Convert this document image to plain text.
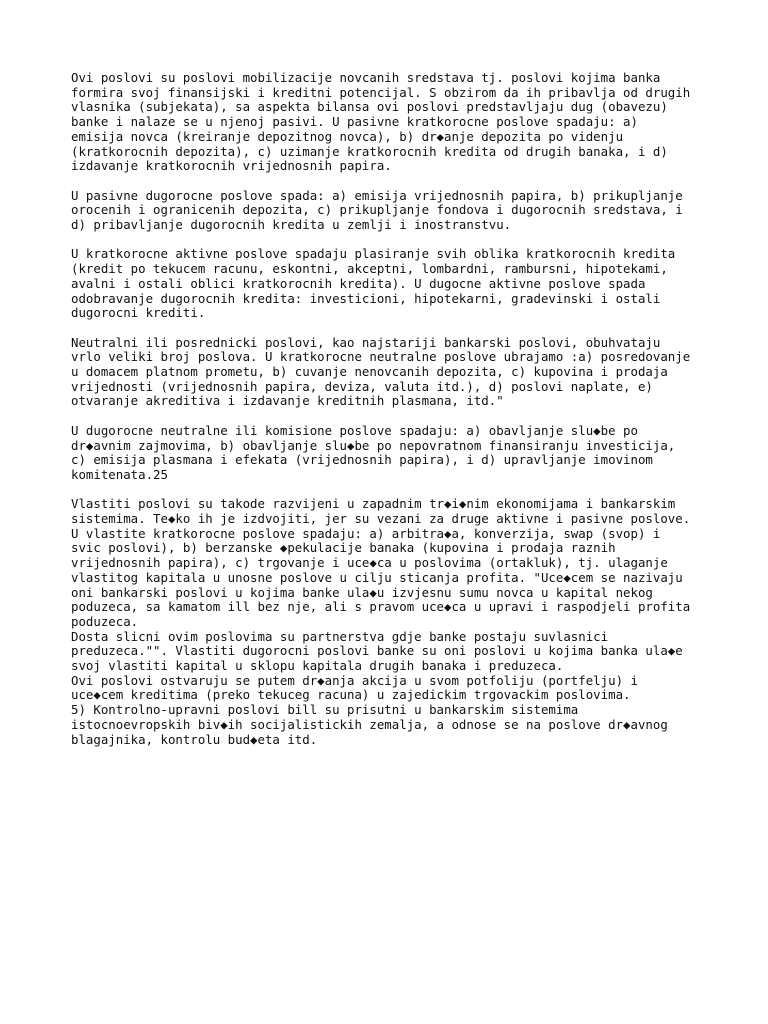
Ovi poslovi su poslovi mobilizacije novcanih sredstava tj. poslovi kojima banka
formira svoj finansijski i kreditni potencijal. S obzirom da ih pribavlja od drugih
vlasnika (subjekata), sa aspekta bilansa ovi poslovi predstavljaju dug (obavezu)
banke i nalaze se u njenoj pasivi. U pasivne kratkorocne poslove spadaju: a)
emisija novca (kreiranje depozitnog novca), b) dr◆anje depozita po videnju
(kratkorocnih depozita), c) uzimanje kratkorocnih kredita od drugih banaka, i d)
izdavanje kratkorocnih vrijednosnih papira.

U pasivne dugorocne poslove spada: a) emisija vrijednosnih papira, b) prikupljanje
orocenih i ogranicenih depozita, c) prikupljanje fondova i dugorocnih sredstava, i
d) pribavljanje dugorocnih kredita u zemlji i inostranstvu.

U kratkorocne aktivne poslove spadaju plasiranje svih oblika kratkorocnih kredita
(kredit po tekucem racunu, eskontni, akceptni, lombardni, rambursni, hipotekami,
avalni i ostali oblici kratkorocnih kredita). U dugocne aktivne poslove spada
odobravanje dugorocnih kredita: investicioni, hipotekarni, gradevinski i ostali
dugorocni krediti.

Neutralni ili posrednicki poslovi, kao najstariji bankarski poslovi, obuhvataju
vrlo veliki broj poslova. U kratkorocne neutralne poslove ubrajamo :a) posredovanje
u domacem platnom prometu, b) cuvanje nenovcanih depozita, c) kupovina i prodaja
vrijednosti (vrijednosnih papira, deviza, valuta itd.), d) poslovi naplate, e)
otvaranje akreditiva i izdavanje kreditnih plasmana, itd."

U dugorocne neutralne ili komisione poslove spadaju: a) obavljanje slu◆be po
dr◆avnim zajmovima, b) obavljanje slu◆be po nepovratnom finansiranju investicija,
c) emisija plasmana i efekata (vrijednosnih papira), i d) upravljanje imovinom
komitenata.25

Vlastiti poslovi su takode razvijeni u zapadnim tr◆i◆nim ekonomijama i bankarskim
sistemima. Te◆ko ih je izdvojiti, jer su vezani za druge aktivne i pasivne poslove.
U vlastite kratkorocne poslove spadaju: a) arbitra◆a, konverzija, swap (svop) i
svic poslovi), b) berzanske ◆pekulacije banaka (kupovina i prodaja raznih
vrijednosnih papira), c) trgovanje i uce◆ca u poslovima (ortakluk), tj. ulaganje
vlastitog kapitala u unosne poslove u cilju sticanja profita. "Uce◆cem se nazivaju
oni bankarski poslovi u kojima banke ula◆u izvjesnu sumu novca u kapital nekog
poduzeca, sa kamatom ill bez nje, ali s pravom uce◆ca u upravi i raspodjeli profita
poduzeca.
Dosta slicni ovim poslovima su partnerstva gdje banke postaju suvlasnici
preduzeca."". Vlastiti dugorocni poslovi banke su oni poslovi u kojima banka ula◆e
svoj vlastiti kapital u sklopu kapitala drugih banaka i preduzeca.
Ovi poslovi ostvaruju se putem dr◆anja akcija u svom potfoliju (portfelju) i
uce◆cem kreditima (preko tekuceg racuna) u zajedickim trgovackim poslovima.
5) Kontrolno-upravni poslovi bill su prisutni u bankarskim sistemima
istocnoevropskih biv◆ih socijalistickih zemalja, a odnose se na poslove dr◆avnog
blagajnika, kontrolu bud◆eta itd.
